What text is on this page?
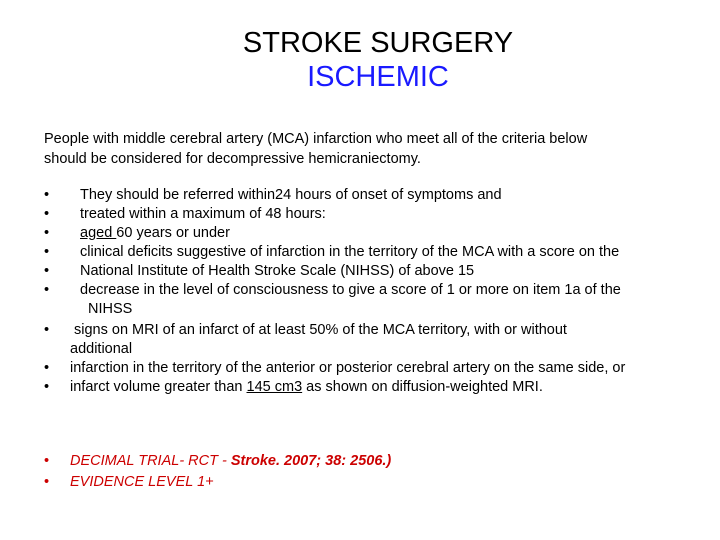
STROKE SURGERY
ISCHEMIC
People with middle cerebral artery (MCA) infarction who meet all of the criteria below
should be considered for decompressive hemicraniectomy.
•	They should be referred within24 hours of onset of symptoms and
•	treated within a maximum of 48 hours:
•	aged 60 years or under
•	clinical deficits suggestive of infarction in the territory of the MCA with a score on the
•	National Institute of Health Stroke Scale (NIHSS) of above 15
•	decrease in the level of consciousness to give a score of 1 or more on item 1a of the
NIHSS
•	signs on MRI of an infarct of at least 50% of the MCA territory, with or without
additional
•	infarction in the territory of the anterior or posterior cerebral artery on the same side, or
•	infarct volume greater than 145 cm3 as shown on diffusion-weighted MRI.
•	DECIMAL TRIAL- RCT - Stroke. 2007; 38: 2506.)
•	EVIDENCE LEVEL 1+
